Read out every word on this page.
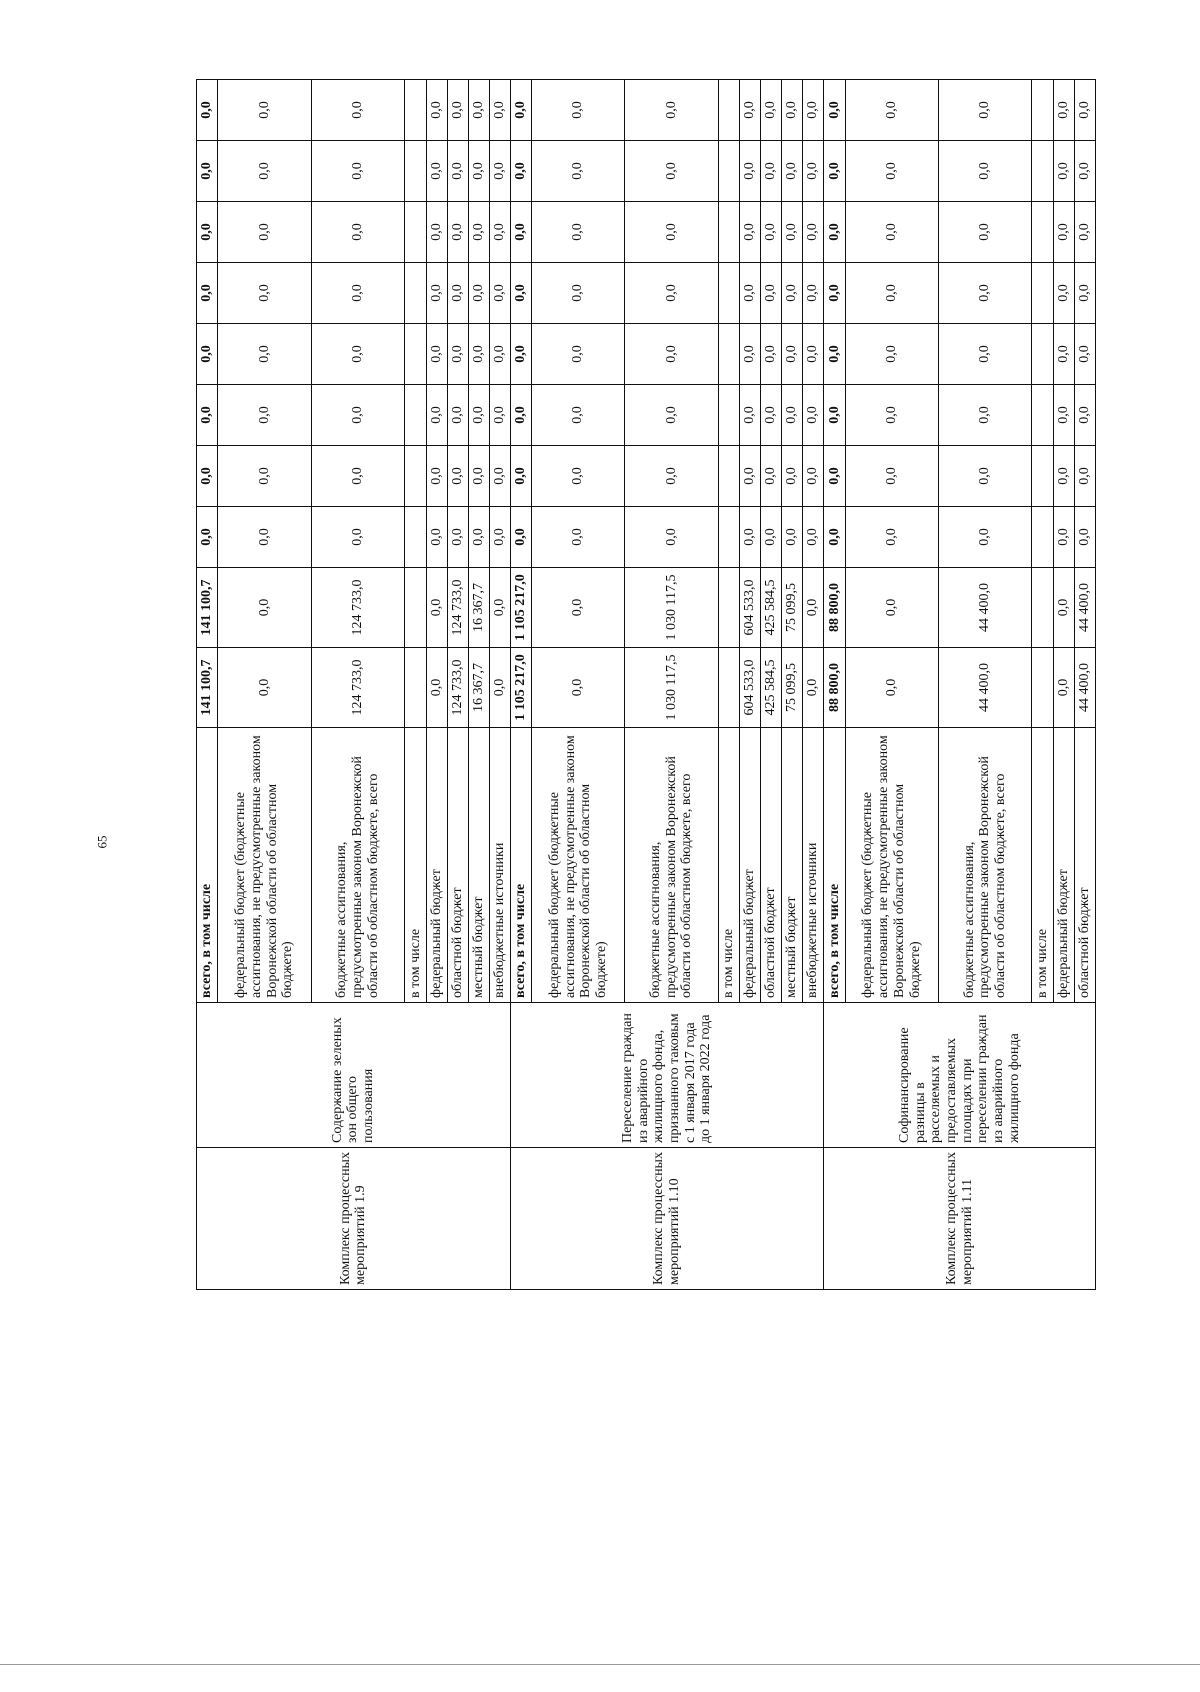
65
Комплекс процессных мероприятий 1.9	Содержание зеленых зон общего пользования	всего, в том числе	141 100,7	141 100,7	0,0	0,0	0,0	0,0	0,0	0,0	0,0	0,0
		федеральный бюджет (бюджетные ассигнования, не предусмотренные законом Воронежской области об областном бюджете)	0,0	0,0	0,0	0,0	0,0	0,0	0,0	0,0	0,0	0,0
		бюджетные ассигнования, предусмотренные законом Воронежской области об областном бюджете, всего	124 733,0	124 733,0	0,0	0,0	0,0	0,0	0,0	0,0	0,0	0,0
		в том числе										
		федеральный бюджет	0,0	0,0	0,0	0,0	0,0	0,0	0,0	0,0	0,0	0,0
		областной бюджет	124 733,0	124 733,0	0,0	0,0	0,0	0,0	0,0	0,0	0,0	0,0
		местный бюджет	16 367,7	16 367,7	0,0	0,0	0,0	0,0	0,0	0,0	0,0	0,0
		внебюджетные источники	0,0	0,0	0,0	0,0	0,0	0,0	0,0	0,0	0,0	0,0
Комплекс процессных мероприятий 1.10	Переселение граждан из аварийного жилищного фонда, признанного таковым с 1 января 2017 года до 1 января 2022 года	всего, в том числе	1 105 217,0	1 105 217,0	0,0	0,0	0,0	0,0	0,0	0,0	0,0	0,0
		федеральный бюджет (бюджетные ассигнования, не предусмотренные законом Воронежской области об областном бюджете)	0,0	0,0	0,0	0,0	0,0	0,0	0,0	0,0	0,0	0,0
		бюджетные ассигнования, предусмотренные законом Воронежской области об областном бюджете, всего	1 030 117,5	1 030 117,5	0,0	0,0	0,0	0,0	0,0	0,0	0,0	0,0
		в том числе										
		федеральный бюджет	604 533,0	604 533,0	0,0	0,0	0,0	0,0	0,0	0,0	0,0	0,0
		областной бюджет	425 584,5	425 584,5	0,0	0,0	0,0	0,0	0,0	0,0	0,0	0,0
		местный бюджет	75 099,5	75 099,5	0,0	0,0	0,0	0,0	0,0	0,0	0,0	0,0
		внебюджетные источники	0,0	0,0	0,0	0,0	0,0	0,0	0,0	0,0	0,0	0,0
Комплекс процессных мероприятий 1.11	Софинансирование разницы в расселяемых и предоставляемых площадях при переселении граждан из аварийного жилищного фонда	всего, в том числе	88 800,0	88 800,0	0,0	0,0	0,0	0,0	0,0	0,0	0,0	0,0
		федеральный бюджет (бюджетные ассигнования, не предусмотренные законом Воронежской области об областном бюджете)	0,0	0,0	0,0	0,0	0,0	0,0	0,0	0,0	0,0	0,0
		бюджетные ассигнования, предусмотренные законом Воронежской области об областном бюджете, всего	44 400,0	44 400,0	0,0	0,0	0,0	0,0	0,0	0,0	0,0	0,0
		в том числе										
		федеральный бюджет	0,0	0,0	0,0	0,0	0,0	0,0	0,0	0,0	0,0	0,0
		областной бюджет	44 400,0	44 400,0	0,0	0,0	0,0	0,0	0,0	0,0	0,0	0,0
